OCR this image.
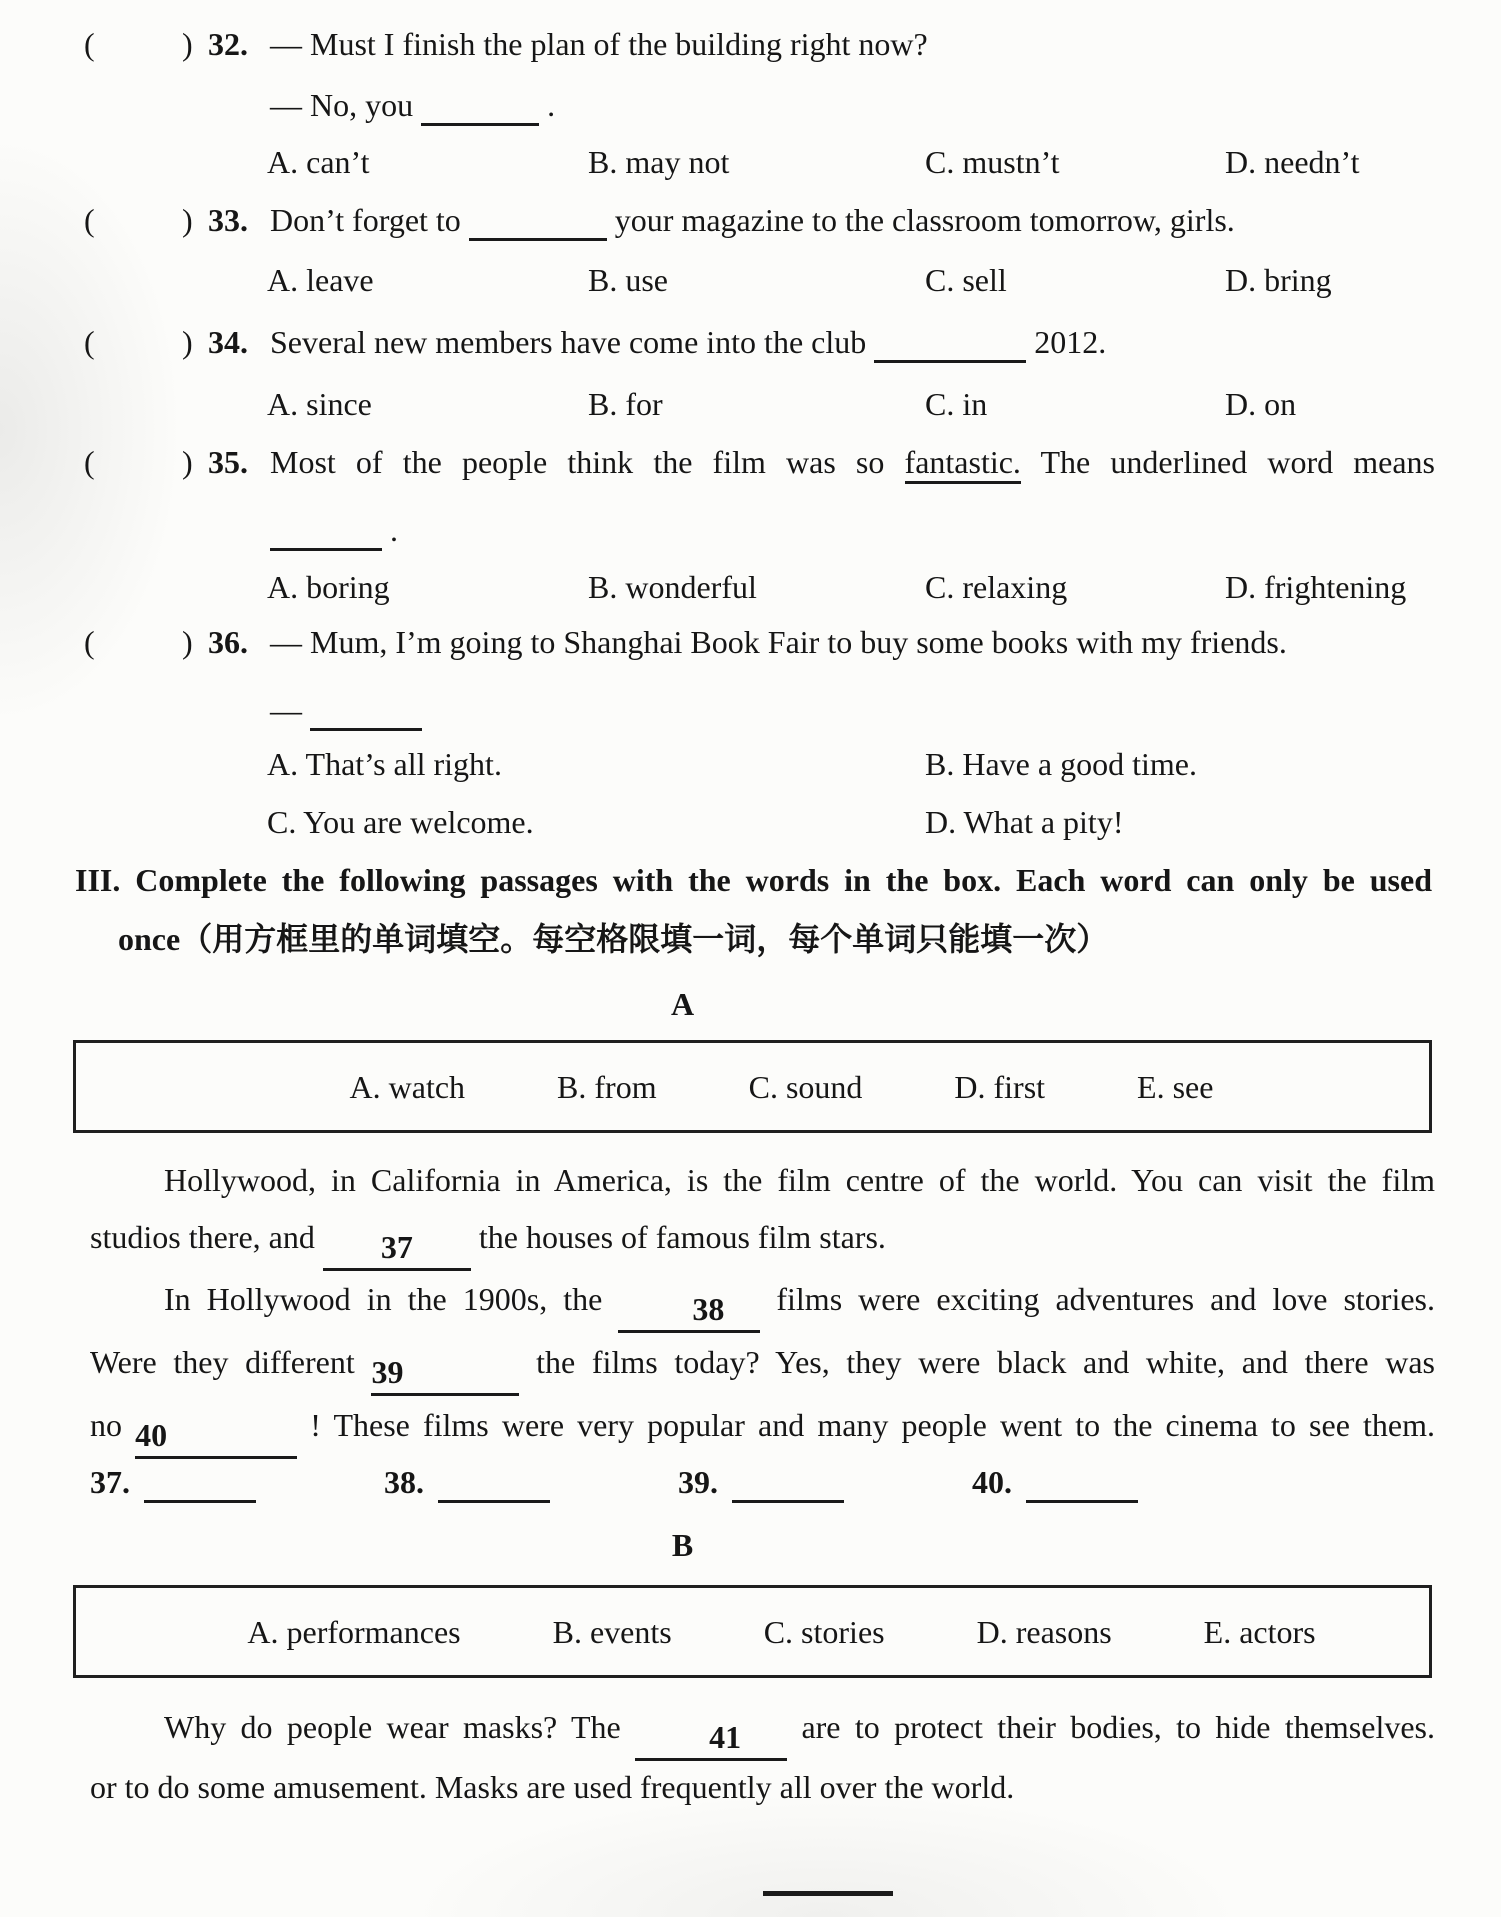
(	) 32. — Must I finish the plan of the building right now?
— No, you	.
A. can’t	B. may not	C. mustn’t	D. needn’t
(	) 33. Don’t forget to	your magazine to the classroom tomorrow, girls.
A. leave	B. use	C. sell	D. bring
(	) 34. Several new members have come into the club	2012.
A. since	B. for	C. in	D. on
(	) 35. Most of the people think the film was so fantastic. The underlined word means
.
A. boring	B. wonderful	C. relaxing	D. frightening
(	) 36. — Mum, I’m going to Shanghai Book Fair to buy some books with my friends.
—
A. That’s all right.	B. Have a good time.
C. You are welcome.	D. What a pity!
Hollywood, in California in America, is the film centre of the world. You can visit the film
studios there, and 37 the houses of famous film stars.
In Hollywood in the 1900s, the 38 films were exciting adventures and love stories.
Were they different 39	the films today? Yes, they were black and white, and there was
no 40	! These films were very popular and many people went to the cinema to see them.
37.	38.	39.	40.
Why do people wear masks? The 41 are to protect their bodies, to hide themselves.
or to do some amusement. Masks are used frequently all over the world.
A. watch	B. from	C. sound	D. first	E. see
A. performances	B. events	C. stories	D. reasons	E. actors
III. Complete the following passages with the words in the box. Each word can only be used
once（用方框里的单词填空。每空格限填一词，每个单词只能填一次）
A
B
